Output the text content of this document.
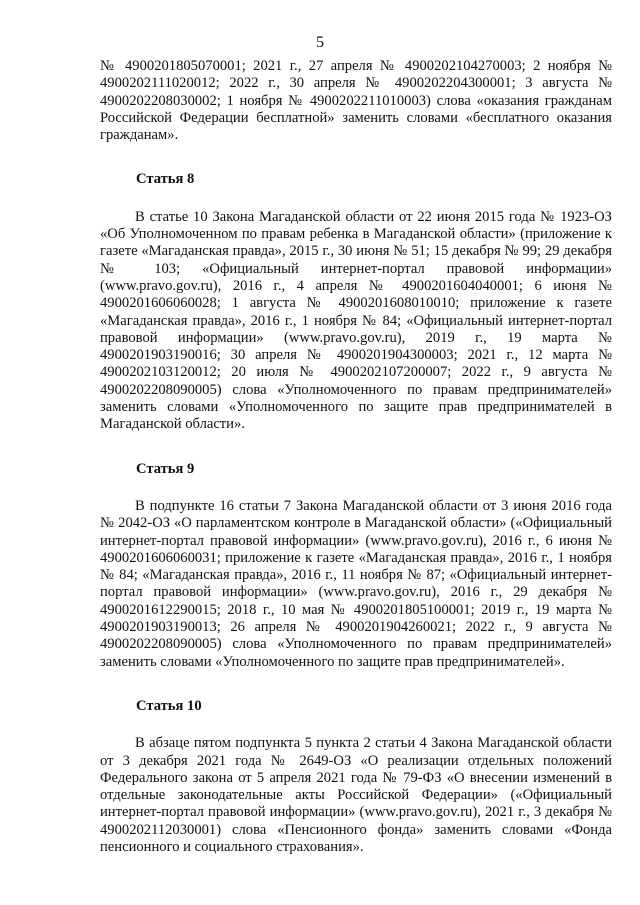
5

№ 4900201805070001; 2021 г., 27 апреля № 4900202104270003; 2 ноября № 4900202111020012; 2022 г., 30 апреля № 4900202204300001; 3 августа № 4900202208030002; 1 ноября № 4900202211010003) слова «оказания гражданам Российской Федерации бесплатной» заменить словами «бесплатного оказания гражданам».

Статья 8

В статье 10 Закона Магаданской области от 22 июня 2015 года № 1923-ОЗ «Об Уполномоченном по правам ребенка в Магаданской области» (приложение к газете «Магаданская правда», 2015 г., 30 июня № 51; 15 декабря № 99; 29 декабря № 103; «Официальный интернет-портал правовой информации» (www.pravo.gov.ru), 2016 г., 4 апреля № 4900201604040001; 6 июня № 4900201606060028; 1 августа № 4900201608010010; приложение к газете «Магаданская правда», 2016 г., 1 ноября № 84; «Официальный интернет-портал правовой информации» (www.pravo.gov.ru), 2019 г., 19 марта № 4900201903190016; 30 апреля № 4900201904300003; 2021 г., 12 марта № 4900202103120012; 20 июля № 4900202107200007; 2022 г., 9 августа № 4900202208090005) слова «Уполномоченного по правам предпринимателей» заменить словами «Уполномоченного по защите прав предпринимателей в Магаданской области».

Статья 9

В подпункте 16 статьи 7 Закона Магаданской области от 3 июня 2016 года № 2042-ОЗ «О парламентском контроле в Магаданской области» («Официальный интернет-портал правовой информации» (www.pravo.gov.ru), 2016 г., 6 июня № 4900201606060031; приложение к газете «Магаданская правда», 2016 г., 1 ноября № 84; «Магаданская правда», 2016 г., 11 ноября № 87; «Официальный интернет-портал правовой информации» (www.pravo.gov.ru), 2016 г., 29 декабря № 4900201612290015; 2018 г., 10 мая № 4900201805100001; 2019 г., 19 марта № 4900201903190013; 26 апреля № 4900201904260021; 2022 г., 9 августа № 4900202208090005) слова «Уполномоченного по правам предпринимателей» заменить словами «Уполномоченного по защите прав предпринимателей».

Статья 10

В абзаце пятом подпункта 5 пункта 2 статьи 4 Закона Магаданской области от 3 декабря 2021 года № 2649-ОЗ «О реализации отдельных положений Федерального закона от 5 апреля 2021 года № 79-ФЗ «О внесении изменений в отдельные законодательные акты Российской Федерации» («Официальный интернет-портал правовой информации» (www.pravo.gov.ru), 2021 г., 3 декабря № 4900202112030001) слова «Пенсионного фонда» заменить словами «Фонда пенсионного и социального страхования».
